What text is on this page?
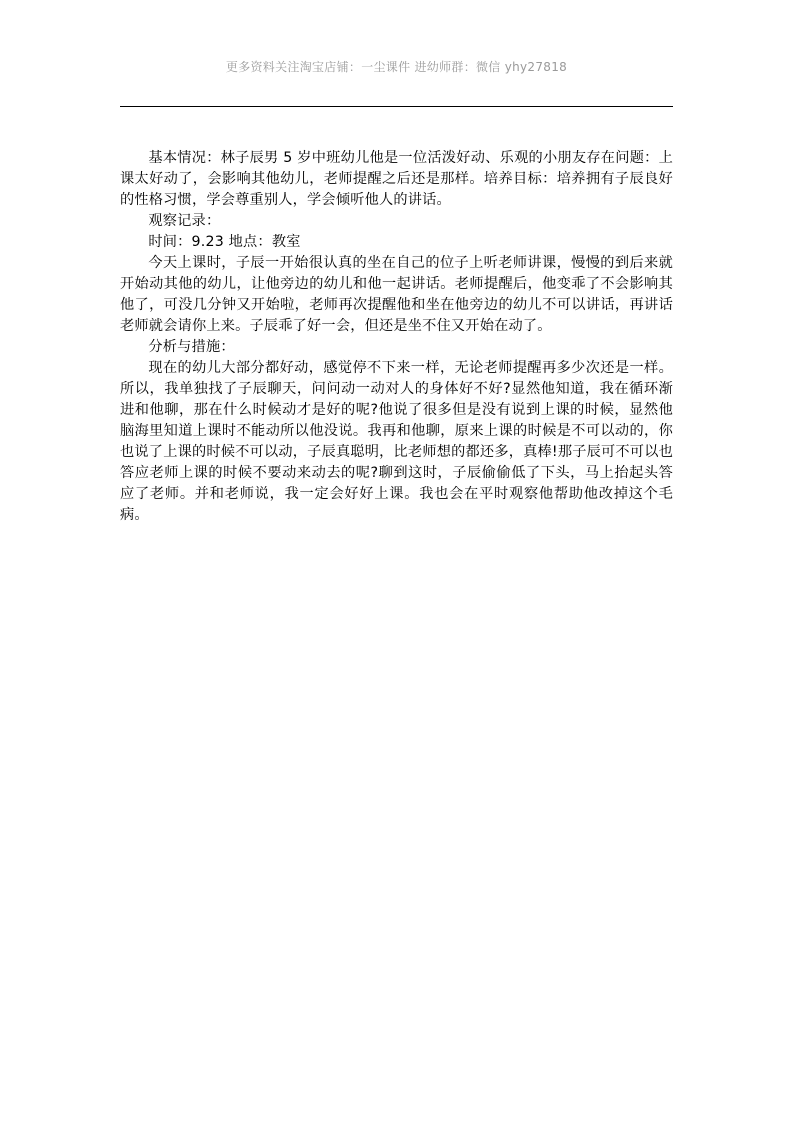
更多资料关注淘宝店铺：一尘课件 进幼师群：微信 yhy27818

基本情况：林子辰男 5 岁中班幼儿他是一位活泼好动、乐观的小朋友存在问题：上课太好动了，会影响其他幼儿，老师提醒之后还是那样。培养目标：培养拥有子辰良好的性格习惯，学会尊重别人，学会倾听他人的讲话。

观察记录：

时间：9.23 地点：教室

今天上课时，子辰一开始很认真的坐在自己的位子上听老师讲课，慢慢的到后来就开始动其他的幼儿，让他旁边的幼儿和他一起讲话。老师提醒后，他变乖了不会影响其他了，可没几分钟又开始啦，老师再次提醒他和坐在他旁边的幼儿不可以讲话，再讲话老师就会请你上来。子辰乖了好一会，但还是坐不住又开始在动了。

分析与措施：

现在的幼儿大部分都好动，感觉停不下来一样，无论老师提醒再多少次还是一样。所以，我单独找了子辰聊天，问问动一动对人的身体好不好?显然他知道，我在循环渐进和他聊，那在什么时候动才是好的呢?他说了很多但是没有说到上课的时候，显然他脑海里知道上课时不能动所以他没说。我再和他聊，原来上课的时候是不可以动的，你也说了上课的时候不可以动，子辰真聪明，比老师想的都还多，真棒!那子辰可不可以也答应老师上课的时候不要动来动去的呢?聊到这时，子辰偷偷低了下头，马上抬起头答应了老师。并和老师说，我一定会好好上课。我也会在平时观察他帮助他改掉这个毛病。
